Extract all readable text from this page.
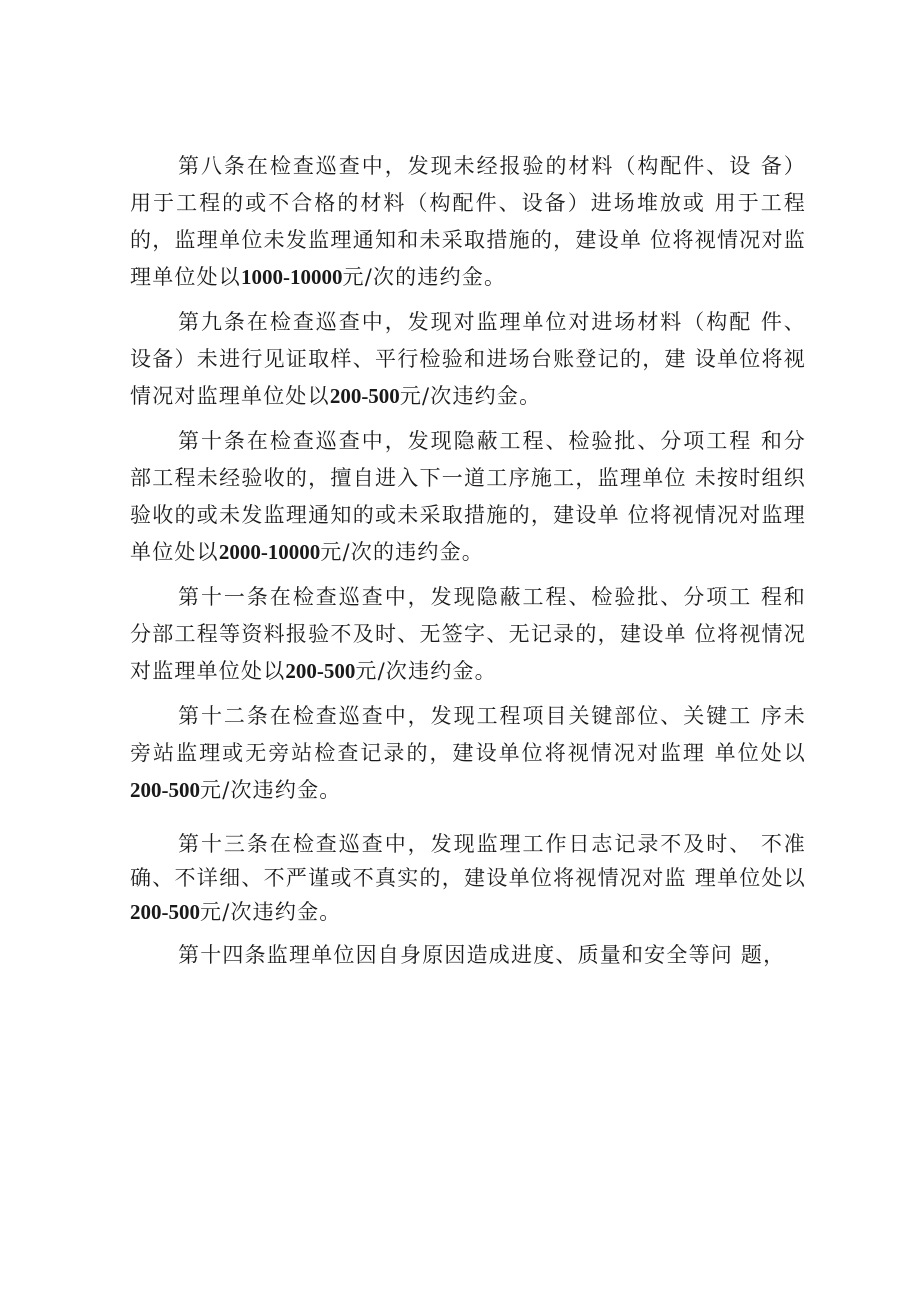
第八条在检查巡查中，发现未经报验的材料（构配件、设 备）用于工程的或不合格的材料（构配件、设备）进场堆放或 用于工程的，监理单位未发监理通知和未采取措施的，建设单 位将视情况对监理单位处以1000-10000元/次的违约金。

第九条在检查巡查中，发现对监理单位对进场材料（构配 件、设备）未进行见证取样、平行检验和进场台账登记的，建 设单位将视情况对监理单位处以200-500元/次违约金。

第十条在检查巡查中，发现隐蔽工程、检验批、分项工程 和分部工程未经验收的，擅自进入下一道工序施工，监理单位 未按时组织验收的或未发监理通知的或未采取措施的，建设单 位将视情况对监理单位处以2000-10000元/次的违约金。

第十一条在检查巡查中，发现隐蔽工程、检验批、分项工 程和分部工程等资料报验不及时、无签字、无记录的，建设单 位将视情况对监理单位处以200-500元/次违约金。

第十二条在检查巡查中，发现工程项目关键部位、关键工 序未旁站监理或无旁站检查记录的，建设单位将视情况对监理 单位处以200-500元/次违约金。

第十三条在检查巡查中，发现监理工作日志记录不及时、 不准确、不详细、不严谨或不真实的，建设单位将视情况对监 理单位处以200-500元/次违约金。

第十四条监理单位因自身原因造成进度、质量和安全等问 题，
